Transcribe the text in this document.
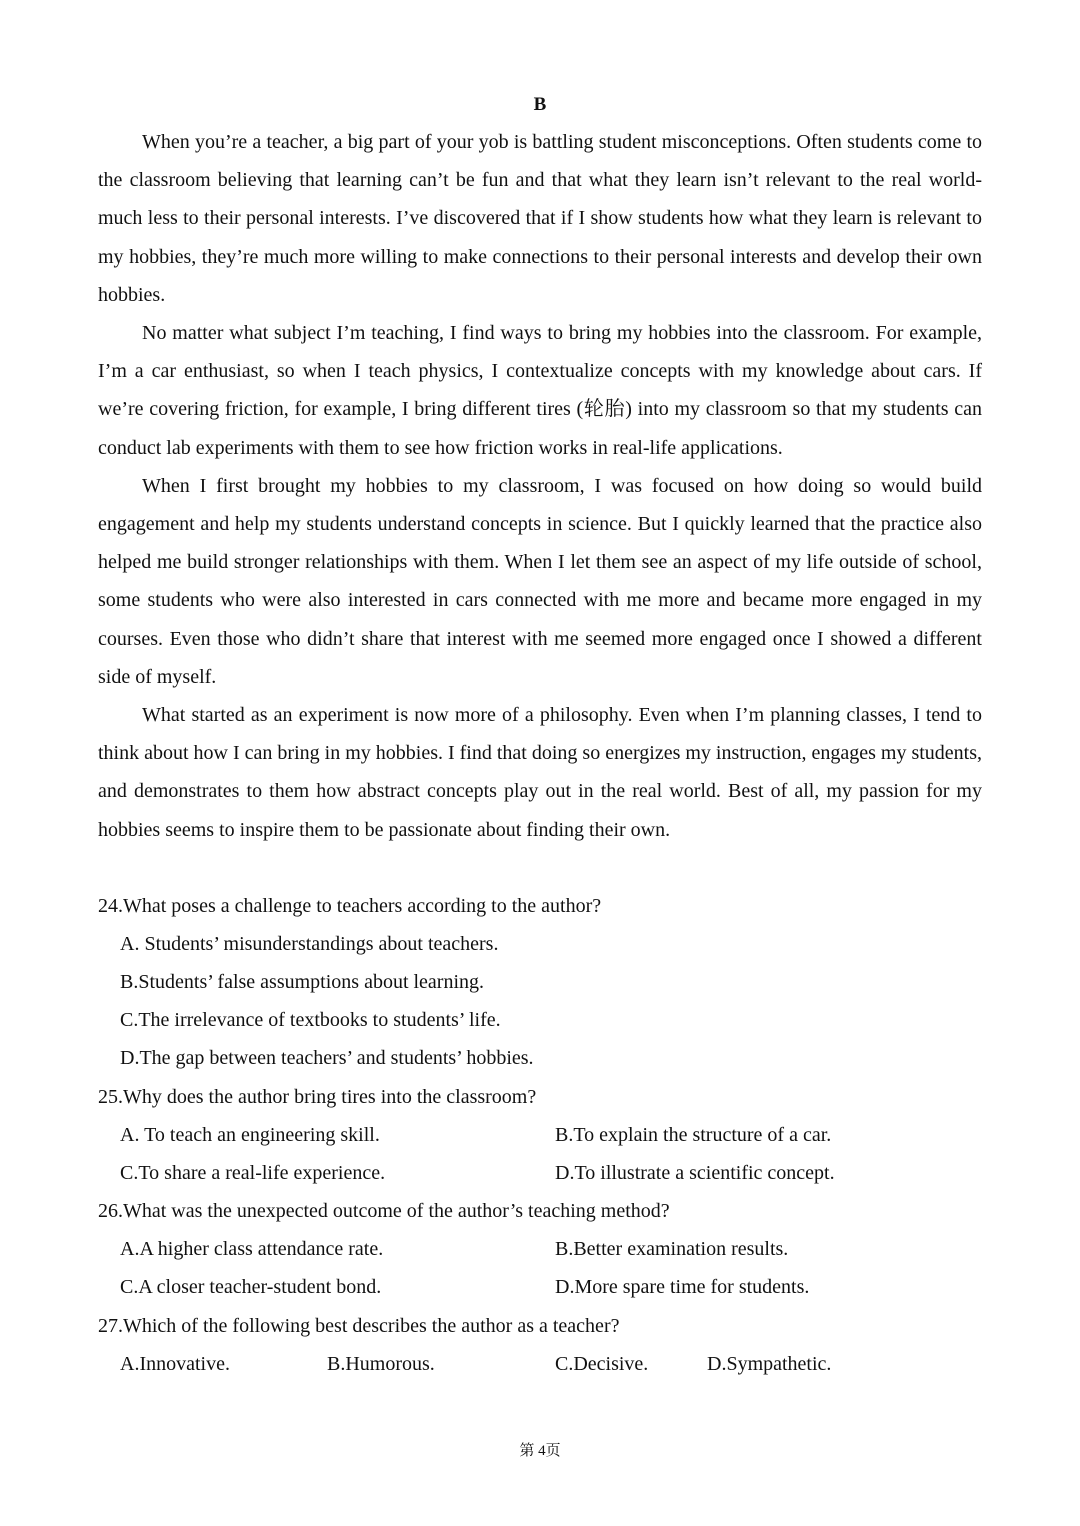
B

When you’re a teacher, a big part of your yob is battling student misconceptions. Often students come to the classroom believing that learning can’t be fun and that what they learn isn’t relevant to the real world-much less to their personal interests. I’ve discovered that if I show students how what they learn is relevant to my hobbies, they’re much more willing to make connections to their personal interests and develop their own hobbies.

No matter what subject I’m teaching, I find ways to bring my hobbies into the classroom. For example, I’m a car enthusiast, so when I teach physics, I contextualize concepts with my knowledge about cars. If we’re covering friction, for example, I bring different tires (轮胎) into my classroom so that my students can conduct lab experiments with them to see how friction works in real-life applications.

When I first brought my hobbies to my classroom, I was focused on how doing so would build engagement and help my students understand concepts in science. But I quickly learned that the practice also helped me build stronger relationships with them. When I let them see an aspect of my life outside of school, some students who were also interested in cars connected with me more and became more engaged in my courses. Even those who didn’t share that interest with me seemed more engaged once I showed a different side of myself.

What started as an experiment is now more of a philosophy. Even when I’m planning classes, I tend to think about how I can bring in my hobbies. I find that doing so energizes my instruction, engages my students, and demonstrates to them how abstract concepts play out in the real world. Best of all, my passion for my hobbies seems to inspire them to be passionate about finding their own.

24.What poses a challenge to teachers according to the author?
A. Students’ misunderstandings about teachers.
B.Students’ false assumptions about learning.
C.The irrelevance of textbooks to students’ life.
D.The gap between teachers’ and students’ hobbies.
25.Why does the author bring tires into the classroom?
A. To teach an engineering skill.	B.To explain the structure of a car.
C.To share a real-life experience.	D.To illustrate a scientific concept.
26.What was the unexpected outcome of the author’s teaching method?
A.A higher class attendance rate.	B.Better examination results.
C.A closer teacher-student bond.	D.More spare time for students.
27.Which of the following best describes the author as a teacher?
A.Innovative.	B.Humorous.	C.Decisive.	D.Sympathetic.
第 4页
